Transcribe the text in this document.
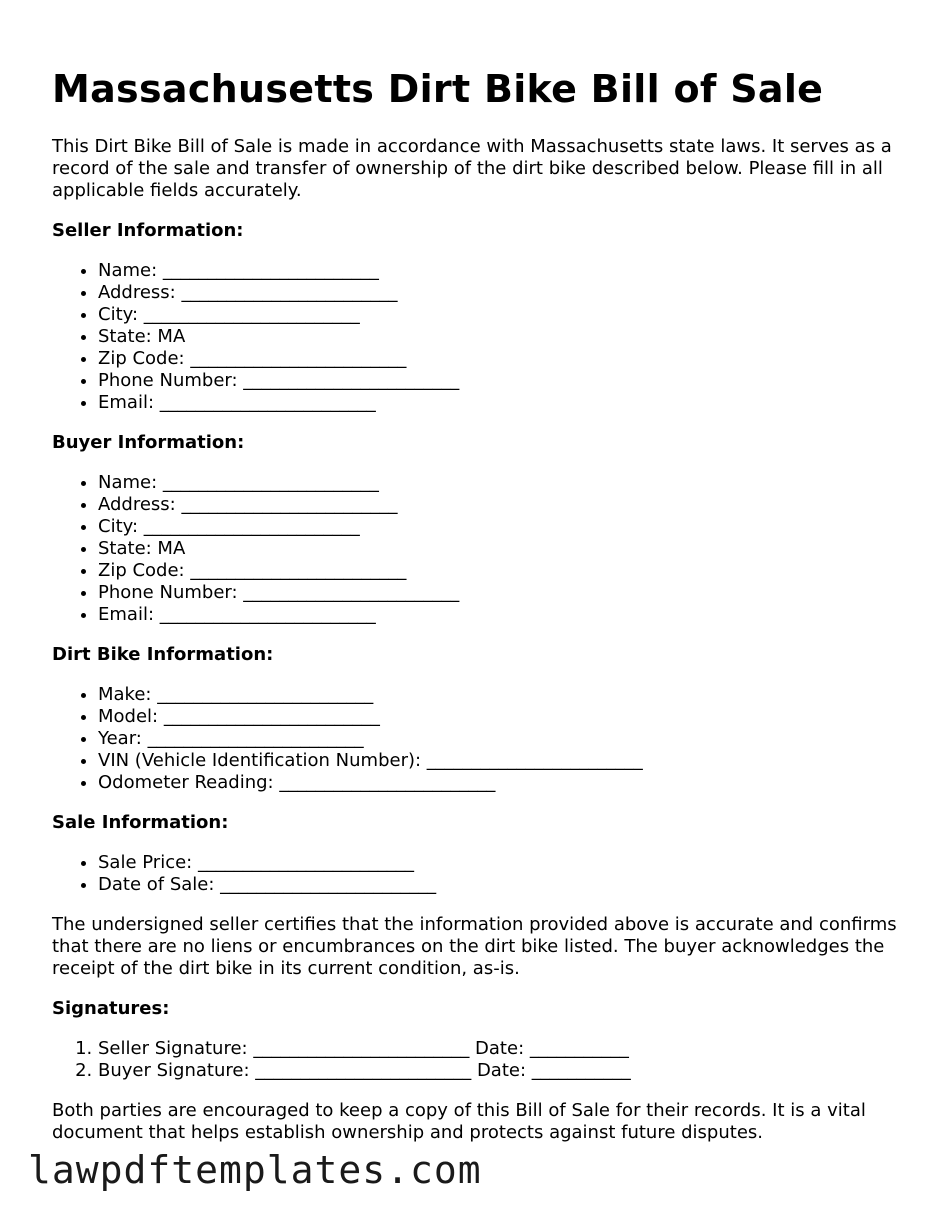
Massachusetts Dirt Bike Bill of Sale

This Dirt Bike Bill of Sale is made in accordance with Massachusetts state laws. It serves as a record of the sale and transfer of ownership of the dirt bike described below. Please fill in all applicable fields accurately.

Seller Information:
• Name: ________________________
• Address: ________________________
• City: ________________________
• State: MA
• Zip Code: ________________________
• Phone Number: ________________________
• Email: ________________________
Buyer Information:
• Name: ________________________
• Address: ________________________
• City: ________________________
• State: MA
• Zip Code: ________________________
• Phone Number: ________________________
• Email: ________________________
Dirt Bike Information:
• Make: ________________________
• Model: ________________________
• Year: ________________________
• VIN (Vehicle Identification Number): ________________________
• Odometer Reading: ________________________
Sale Information:
• Sale Price: ________________________
• Date of Sale: ________________________

The undersigned seller certifies that the information provided above is accurate and confirms that there are no liens or encumbrances on the dirt bike listed. The buyer acknowledges the receipt of the dirt bike in its current condition, as-is.

Signatures:
1. Seller Signature: ________________________ Date: ___________
2. Buyer Signature: ________________________ Date: ___________

Both parties are encouraged to keep a copy of this Bill of Sale for their records. It is a vital document that helps establish ownership and protects against future disputes.

lawpdftemplates.com
